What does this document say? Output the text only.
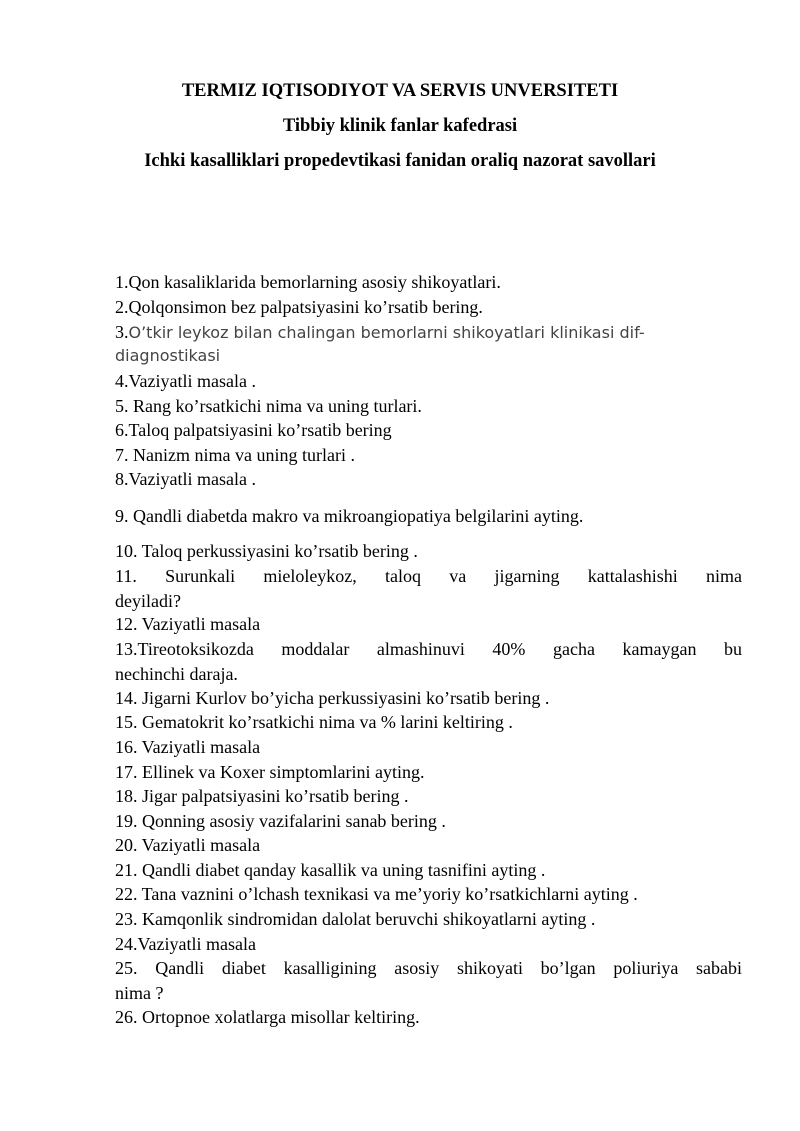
TERMIZ IQTISODIYOT VA SERVIS UNVERSITETI
Tibbiy klinik fanlar kafedrasi
Ichki kasalliklari propedevtikasi fanidan oraliq nazorat savollari
1.Qon kasaliklarida bemorlarning asosiy shikoyatlari.
2.Qolqonsimon bez palpatsiyasini ko’rsatib bering.
3.O’tkir leykoz bilan chalingan bemorlarni shikoyatlari klinikasi dif-
diagnostikasi
4.Vaziyatli masala .
5. Rang ko’rsatkichi nima va uning turlari.
6.Taloq palpatsiyasini ko’rsatib bering
7. Nanizm nima va uning turlari .
8.Vaziyatli masala .
9. Qandli diabetda makro va mikroangiopatiya belgilarini ayting.
10. Taloq perkussiyasini ko’rsatib bering .
11. Surunkali mieloleykoz, taloq va jigarning kattalashishi nima
deyiladi?
12. Vaziyatli masala
13.Tireotoksikozda moddalar almashinuvi 40% gacha kamaygan bu
nechinchi daraja.
14. Jigarni Kurlov bo’yicha perkussiyasini ko’rsatib bering .
15. Gematokrit ko’rsatkichi nima va % larini keltiring .
16. Vaziyatli masala
17. Ellinek va Koxer simptomlarini ayting.
18. Jigar palpatsiyasini ko’rsatib bering .
19. Qonning asosiy vazifalarini sanab bering .
20. Vaziyatli masala
21. Qandli diabet qanday kasallik va uning tasnifini ayting .
22. Tana vaznini o’lchash texnikasi va me’yoriy ko’rsatkichlarni ayting .
23. Kamqonlik sindromidan dalolat beruvchi shikoyatlarni ayting .
24.Vaziyatli masala
25. Qandli diabet kasalligining asosiy shikoyati bo’lgan poliuriya sababi
nima ?
26. Ortopnoe xolatlarga misollar keltiring.
